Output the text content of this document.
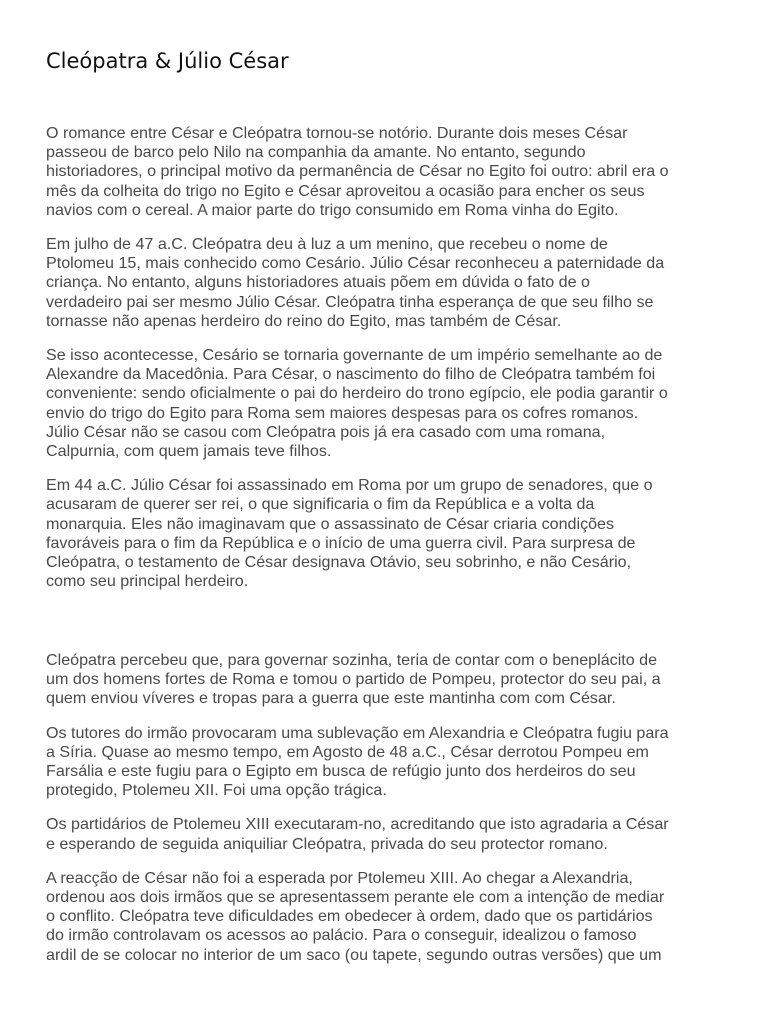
Cleópatra & Júlio César

O romance entre César e Cleópatra tornou-se notório. Durante dois meses César
passeou de barco pelo Nilo na companhia da amante. No entanto, segundo
historiadores, o principal motivo da permanência de César no Egito foi outro: abril era o
mês da colheita do trigo no Egito e César aproveitou a ocasião para encher os seus
navios com o cereal. A maior parte do trigo consumido em Roma vinha do Egito.

Em julho de 47 a.C. Cleópatra deu à luz a um menino, que recebeu o nome de
Ptolomeu 15, mais conhecido como Cesário. Júlio César reconheceu a paternidade da
criança. No entanto, alguns historiadores atuais põem em dúvida o fato de o
verdadeiro pai ser mesmo Júlio César. Cleópatra tinha esperança de que seu filho se
tornasse não apenas herdeiro do reino do Egito, mas também de César.

Se isso acontecesse, Cesário se tornaria governante de um império semelhante ao de
Alexandre da Macedônia. Para César, o nascimento do filho de Cleópatra também foi
conveniente: sendo oficialmente o pai do herdeiro do trono egípcio, ele podia garantir o
envio do trigo do Egito para Roma sem maiores despesas para os cofres romanos.
Júlio César não se casou com Cleópatra pois já era casado com uma romana,
Calpurnia, com quem jamais teve filhos.

Em 44 a.C. Júlio César foi assassinado em Roma por um grupo de senadores, que o
acusaram de querer ser rei, o que significaria o fim da República e a volta da
monarquia. Eles não imaginavam que o assassinato de César criaria condições
favoráveis para o fim da República e o início de uma guerra civil. Para surpresa de
Cleópatra, o testamento de César designava Otávio, seu sobrinho, e não Cesário,
como seu principal herdeiro.

Cleópatra percebeu que, para governar sozinha, teria de contar com o beneplácito de
um dos homens fortes de Roma e tomou o partido de Pompeu, protector do seu pai, a
quem enviou víveres e tropas para a guerra que este mantinha com com César.

Os tutores do irmão provocaram uma sublevação em Alexandria e Cleópatra fugiu para
a Síria. Quase ao mesmo tempo, em Agosto de 48 a.C., César derrotou Pompeu em
Farsália e este fugiu para o Egipto em busca de refúgio junto dos herdeiros do seu
protegido, Ptolemeu XII. Foi uma opção trágica.

Os partidários de Ptolemeu XIII executaram-no, acreditando que isto agradaria a César
e esperando de seguida aniquiliar Cleópatra, privada do seu protector romano.

A reacção de César não foi a esperada por Ptolemeu XIII. Ao chegar a Alexandria,
ordenou aos dois irmãos que se apresentassem perante ele com a intenção de mediar
o conflito. Cleópatra teve dificuldades em obedecer à ordem, dado que os partidários
do irmão controlavam os acessos ao palácio. Para o conseguir, idealizou o famoso
ardil de se colocar no interior de um saco (ou tapete, segundo outras versões) que um
